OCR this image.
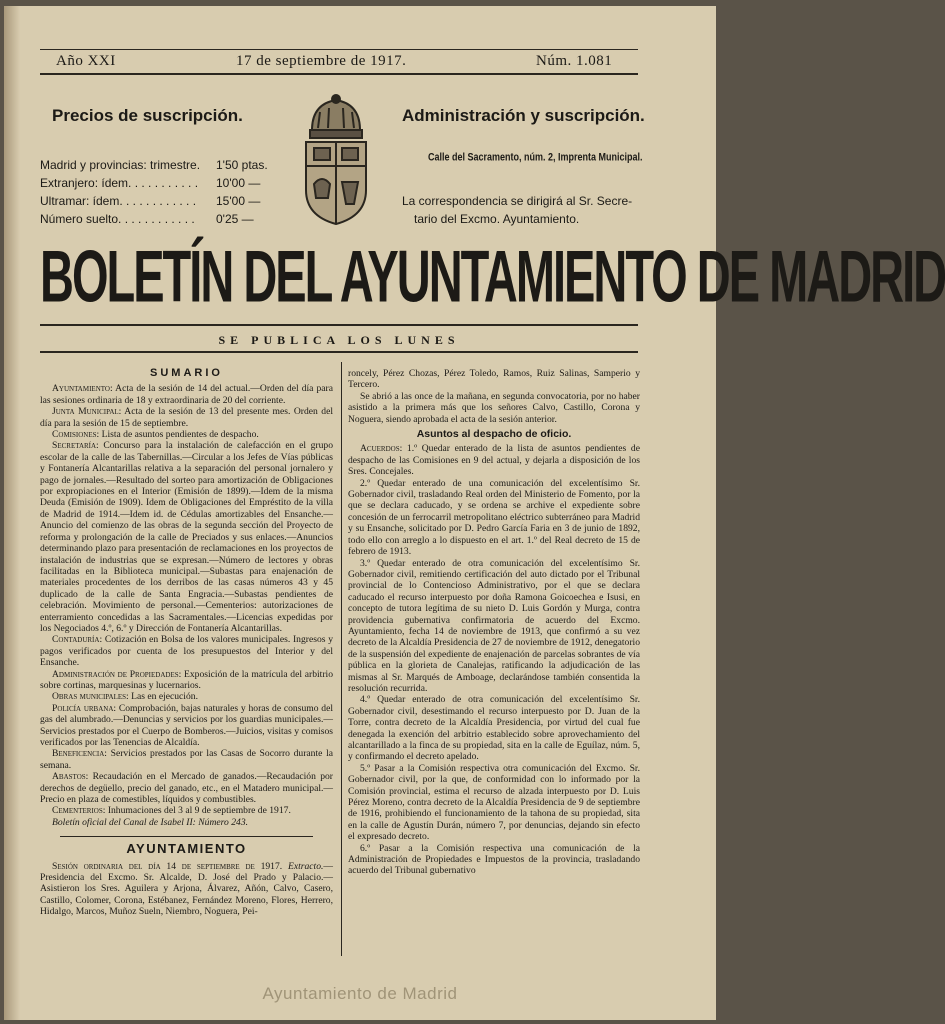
Año XXI	17 de septiembre de 1917.	Núm. 1.081
Precios de suscripción.
Madrid y provincias: trimestre. 1'50 ptas.
Extranjero: ídem. . . . . . . . . . . 10'00 —
Ultramar: ídem. . . . . . . . . . . . 15'00 —
Número suelto. . . . . . . . . . . . 0'25 —
Administración y suscripción.
Calle del Sacramento, núm. 2, Imprenta Municipal.
La correspondencia se dirigirá al Sr. Secre-
tario del Excmo. Ayuntamiento.
BOLETÍN DEL AYUNTAMIENTO DE MADRID
SE PUBLICA LOS LUNES
SUMARIO

Ayuntamiento: Acta de la sesión de 14 del actual.—Orden del día para las sesiones ordinaria de 18 y extraordinaria de 20 del corriente.

Junta Municipal: Acta de la sesión de 13 del presente mes. Orden del día para la sesión de 15 de septiembre.

Comisiones: Lista de asuntos pendientes de despacho.

Secretaría: Concurso para la instalación de calefacción en el grupo escolar de la calle de las Tabernillas.—Circular a los Jefes de Vías públicas y Fontanería Alcantarillas relativa a la separación del personal jornalero y pago de jornales.—Resultado del sorteo para amortización de Obligaciones por expropiaciones en el Interior (Emisión de 1899).—Idem de la misma Deuda (Emisión de 1909). Idem de Obligaciones del Empréstito de la villa de Madrid de 1914.—Idem id. de Cédulas amortizables del Ensanche.—Anuncio del comienzo de las obras de la segunda sección del Proyecto de reforma y prolongación de la calle de Preciados y sus enlaces.—Anuncios determinando plazo para presentación de reclamaciones en los proyectos de instalación de industrias que se expresan.—Número de lectores y obras facilitadas en la Biblioteca municipal.—Subastas para enajenación de materiales procedentes de los derribos de las casas números 43 y 45 duplicado de la calle de Santa Engracia.—Subastas pendientes de celebración. Movimiento de personal.—Cementerios: autorizaciones de enterramiento concedidas a las Sacramentales.—Licencias expedidas por los Negociados 4.º, 6.º y Dirección de Fontanería Alcantarillas.

Contaduría: Cotización en Bolsa de los valores municipales. Ingresos y pagos verificados por cuenta de los presupuestos del Interior y del Ensanche.

Administración de Propiedades: Exposición de la matrícula del arbitrio sobre cortinas, marquesinas y lucernarios.

Obras municipales: Las en ejecución.

Policía urbana: Comprobación, bajas naturales y horas de consumo del gas del alumbrado.—Denuncias y servicios por los guardias municipales.—Servicios prestados por el Cuerpo de Bomberos.—Juicios, visitas y comisos verificados por las Tenencias de Alcaldía.

Beneficencia: Servicios prestados por las Casas de Socorro durante la semana.

Abastos: Recaudación en el Mercado de ganados.—Recaudación por derechos de degüello, precio del ganado, etc., en el Matadero municipal.—Precio en plaza de comestibles, líquidos y combustibles.

Cementerios: Inhumaciones del 3 al 9 de septiembre de 1917.

Boletín oficial del Canal de Isabel II: Número 243.

AYUNTAMIENTO

Sesión ordinaria del día 14 de septiembre de 1917. Extracto.—Presidencia del Excmo. Sr. Alcalde, D. José del Prado y Palacio.—Asistieron los Sres. Aguilera y Arjona, Álvarez, Añón, Calvo, Casero, Castillo, Colomer, Corona, Estébanez, Fernández Moreno, Flores, Herrero, Hidalgo, Marcos, Muñoz Sueln, Niembro, Noguera, Pei-

roncely, Pérez Chozas, Pérez Toledo, Ramos, Ruiz Salinas, Samperio y Tercero.

Se abrió a las once de la mañana, en segunda convocatoria, por no haber asistido a la primera más que los señores Calvo, Castillo, Corona y Noguera, siendo aprobada el acta de la sesión anterior.

Asuntos al despacho de oficio.

Acuerdos: 1.º Quedar enterado de la lista de asuntos pendientes de despacho de las Comisiones en 9 del actual, y dejarla a disposición de los Sres. Concejales.

2.º Quedar enterado de una comunicación del excelentísimo Sr. Gobernador civil, trasladando Real orden del Ministerio de Fomento, por la que se declara caducado, y se ordena se archive el expediente sobre concesión de un ferrocarril metropolitano eléctrico subterráneo para Madrid y su Ensanche, solicitado por D. Pedro García Faria en 3 de junio de 1892, todo ello con arreglo a lo dispuesto en el art. 1.º del Real decreto de 15 de febrero de 1913.

3.º Quedar enterado de otra comunicación del excelentísimo Sr. Gobernador civil, remitiendo certificación del auto dictado por el Tribunal provincial de lo Contencioso Administrativo, por el que se declara caducado el recurso interpuesto por doña Ramona Goicoechea e Isusi, en concepto de tutora legítima de su nieto D. Luis Gordón y Murga, contra providencia gubernativa confirmatoria de acuerdo del Excmo. Ayuntamiento, fecha 14 de noviembre de 1913, que confirmó a su vez decreto de la Alcaldía Presidencia de 27 de noviembre de 1912, denegatorio de la suspensión del expediente de enajenación de parcelas sobrantes de vía pública en la glorieta de Canalejas, ratificando la adjudicación de las mismas al Sr. Marqués de Amboage, declarándose también consentida la resolución recurrida.

4.º Quedar enterado de otra comunicación del excelentísimo Sr. Gobernador civil, desestimando el recurso interpuesto por D. Juan de la Torre, contra decreto de la Alcaldía Presidencia, por virtud del cual fue denegada la exención del arbitrio establecido sobre aprovechamiento del alcantarillado a la finca de su propiedad, sita en la calle de Eguílaz, núm. 5, y confirmando el decreto apelado.

5.º Pasar a la Comisión respectiva otra comunicación del Excmo. Sr. Gobernador civil, por la que, de conformidad con lo informado por la Comisión provincial, estima el recurso de alzada interpuesto por D. Luis Pérez Moreno, contra decreto de la Alcaldía Presidencia de 9 de septiembre de 1916, prohibiendo el funcionamiento de la tahona de su propiedad, sita en la calle de Agustín Durán, número 7, por denuncias, dejando sin efecto el expresado decreto.

6.º Pasar a la Comisión respectiva una comunicación de la Administración de Propiedades e Impuestos de la provincia, trasladando acuerdo del Tribunal gubernativo

Ayuntamiento de Madrid
